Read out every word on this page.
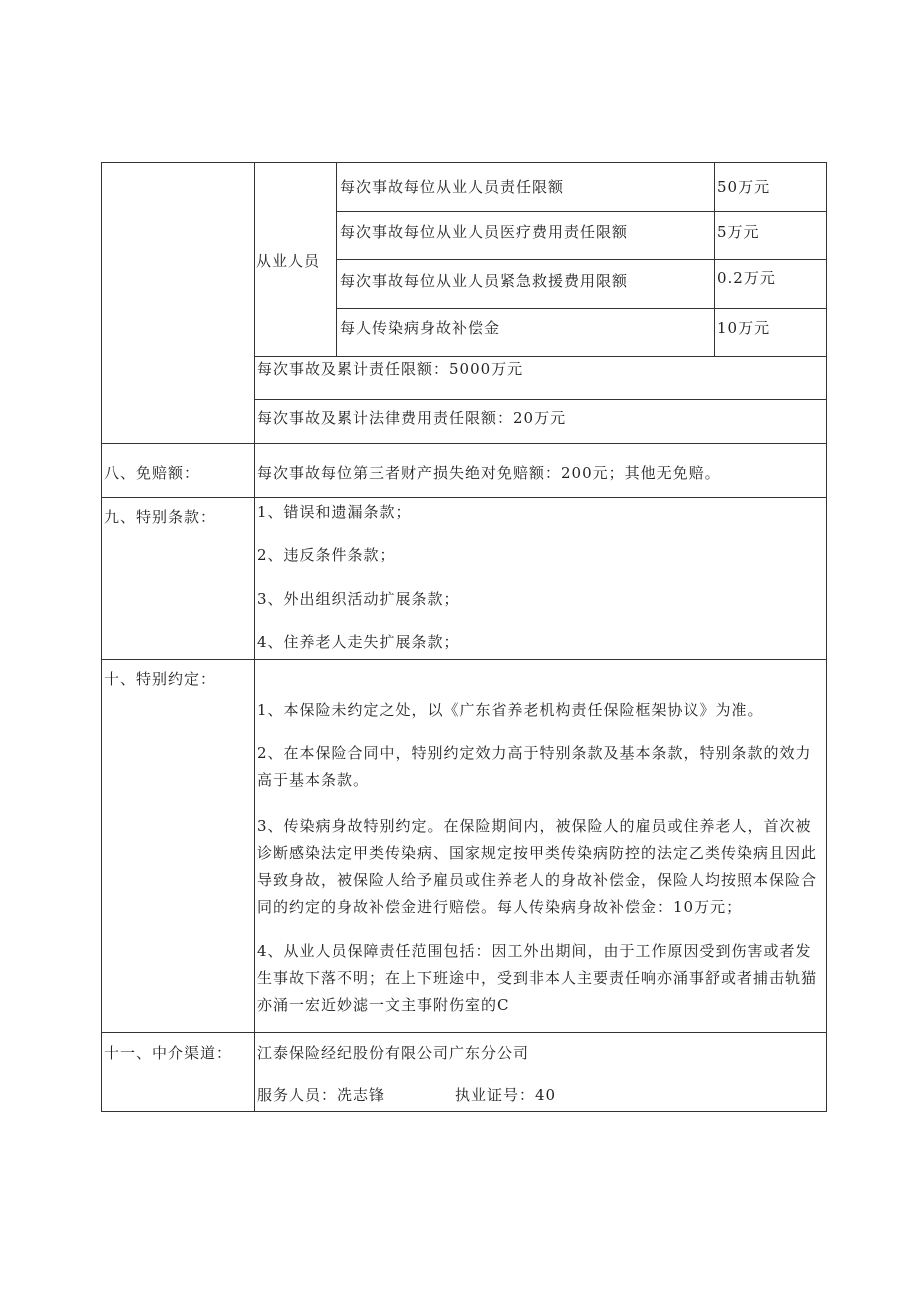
从业人员
每次事故每位从业人员责任限额	50万元
每次事故每位从业人员医疗费用责任限额	5万元
每次事故每位从业人员紧急救援费用限额	0.2万元
每人传染病身故补偿金	10万元
每次事故及累计责任限额：5000万元
每次事故及累计法律费用责任限额：20万元
八、免赔额：	每次事故每位第三者财产损失绝对免赔额：200元；其他无免赔。
九、特别条款：	1、错误和遗漏条款；
2、违反条件条款；
3、外出组织活动扩展条款；
4、住养老人走失扩展条款；
十、特别约定：
1、本保险未约定之处，以《广东省养老机构责任保险框架协议》为准。
2、在本保险合同中，特别约定效力高于特别条款及基本条款，特别条款的效力高于基本条款。
3、传染病身故特别约定。在保险期间内，被保险人的雇员或住养老人，首次被诊断感染法定甲类传染病、国家规定按甲类传染病防控的法定乙类传染病且因此导致身故，被保险人给予雇员或住养老人的身故补偿金，保险人均按照本保险合同的约定的身故补偿金进行赔偿。每人传染病身故补偿金：10万元；
4、从业人员保障责任范围包括：因工外出期间，由于工作原因受到伤害或者发生事故下落不明；在上下班途中，受到非本人主要责任响亦涌事舒或者捕击轨猫亦涌一宏近妙滤一文主事附伤室的C
十一、中介渠道： 江泰保险经纪股份有限公司广东分公司
服务人员：冼志锋	执业证号：40
